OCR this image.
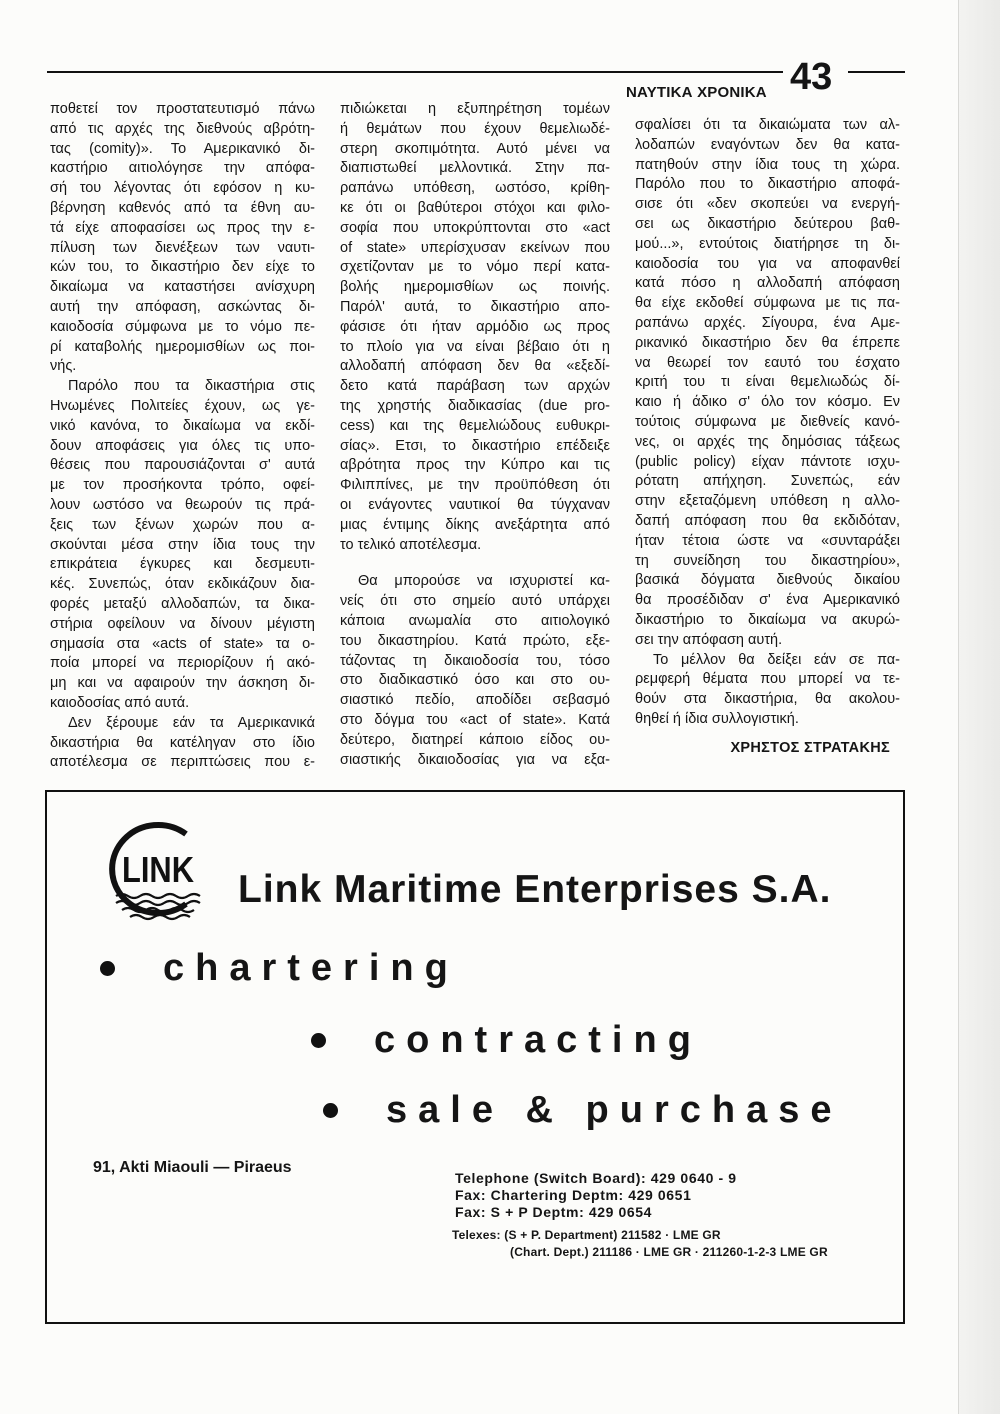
43
ΝΑΥΤΙΚΑ ΧΡΟΝΙΚΑ
ποθετεί τον προστατευτισμό πάνω
από τις αρχές της διεθνούς αβρότη-
τας (comity)». Το Αμερικανικό δι-
καστήριο αιτιολόγησε την απόφα-
σή του λέγοντας ότι εφόσον η κυ-
βέρνηση καθενός από τα έθνη αυ-
τά είχε αποφασίσει ως προς την ε-
πίλυση των διενέξεων των ναυτι-
κών του, το δικαστήριο δεν είχε το
δικαίωμα να καταστήσει ανίσχυρη
αυτή την απόφαση, ασκώντας δι-
καιοδοσία σύμφωνα με το νόμο πε-
ρί καταβολής ημερομισθίων ως ποι-
νής.
Παρόλο που τα δικαστήρια στις
Ηνωμένες Πολιτείες έχουν, ως γε-
νικό κανόνα, το δικαίωμα να εκδί-
δουν αποφάσεις για όλες τις υπο-
θέσεις που παρουσιάζονται σ' αυτά
με τον προσήκοντα τρόπο, οφεί-
λουν ωστόσο να θεωρούν τις πρά-
ξεις των ξένων χωρών που α-
σκούνται μέσα στην ίδια τους την
επικράτεια έγκυρες και δεσμευτι-
κές. Συνεπώς, όταν εκδικάζουν δια-
φορές μεταξύ αλλοδαπών, τα δικα-
στήρια οφείλουν να δίνουν μέγιστη
σημασία στα «acts of state» τα ο-
ποία μπορεί να περιορίζουν ή ακό-
μη και να αφαιρούν την άσκηση δι-
καιοδοσίας από αυτά.
Δεν ξέρουμε εάν τα Αμερικανικά
δικαστήρια θα κατέληγαν στο ίδιο
αποτέλεσμα σε περιπτώσεις που ε-
πιδιώκεται η εξυπηρέτηση τομέων
ή θεμάτων που έχουν θεμελιωδέ-
στερη σκοπιμότητα. Αυτό μένει να
διαπιστωθεί μελλοντικά. Στην πα-
ραπάνω υπόθεση, ωστόσο, κρίθη-
κε ότι οι βαθύτεροι στόχοι και φιλο-
σοφία που υποκρύπτονται στο «act
of state» υπερίσχυσαν εκείνων που
σχετίζονταν με το νόμο περί κατα-
βολής ημερομισθίων ως ποινής.
Παρόλ' αυτά, το δικαστήριο απο-
φάσισε ότι ήταν αρμόδιο ως προς
το πλοίο για να είναι βέβαιο ότι η
αλλοδαπή απόφαση δεν θα «εξεδί-
δετο κατά παράβαση των αρχών
της χρηστής διαδικασίας (due pro-
cess) και της θεμελιώδους ευθυκρι-
σίας». Ετσι, το δικαστήριο επέδειξε
αβρότητα προς την Κύπρο και τις
Φιλιππίνες, με την προϋπόθεση ότι
οι ενάγοντες ναυτικοί θα τύγχαναν
μιας έντιμης δίκης ανεξάρτητα από
το τελικό αποτέλεσμα.
Θα μπορούσε να ισχυριστεί κα-
νείς ότι στο σημείο αυτό υπάρχει
κάποια ανωμαλία στο αιτιολογικό
του δικαστηρίου. Κατά πρώτο, εξε-
τάζοντας τη δικαιοδοσία του, τόσο
στο διαδικαστικό όσο και στο ου-
σιαστικό πεδίο, αποδίδει σεβασμό
στο δόγμα του «act of state». Κατά
δεύτερο, διατηρεί κάποιο είδος ου-
σιαστικής δικαιοδοσίας για να εξα-
σφαλίσει ότι τα δικαιώματα των αλ-
λοδαπών εναγόντων δεν θα κατα-
πατηθούν στην ίδια τους τη χώρα.
Παρόλο που το δικαστήριο αποφά-
σισε ότι «δεν σκοπεύει να ενεργή-
σει ως δικαστήριο δεύτερου βαθ-
μού...», εντούτοις διατήρησε τη δι-
καιοδοσία του για να αποφανθεί
κατά πόσο η αλλοδαπή απόφαση
θα είχε εκδοθεί σύμφωνα με τις πα-
ραπάνω αρχές. Σίγουρα, ένα Αμε-
ρικανικό δικαστήριο δεν θα έπρεπε
να θεωρεί τον εαυτό του έσχατο
κριτή του τι είναι θεμελιωδώς δί-
καιο ή άδικο σ' όλο τον κόσμο. Εν
τούτοις σύμφωνα με διεθνείς κανό-
νες, οι αρχές της δημόσιας τάξεως
(public policy) είχαν πάντοτε ισχυ-
ρότατη απήχηση. Συνεπώς, εάν
στην εξεταζόμενη υπόθεση η αλλο-
δαπή απόφαση που θα εκδιδόταν,
ήταν τέτοια ώστε να «συνταράξει
τη συνείδηση του δικαστηρίου»,
βασικά δόγματα διεθνούς δικαίου
θα προσέδιδαν σ' ένα Αμερικανικό
δικαστήριο το δικαίωμα να ακυρώ-
σει την απόφαση αυτή.
Το μέλλον θα δείξει εάν σε πα-
ρεμφερή θέματα που μπορεί να τε-
θούν στα δικαστήρια, θα ακολου-
θηθεί ή ίδια συλλογιστική.
ΧΡΗΣΤΟΣ ΣΤΡΑΤΑΚΗΣ
LINK Link Maritime Enterprises S.A.
chartering
contracting
sale & purchase
91, Akti Miaouli — Piraeus
Telephone (Switch Board): 429 0640 - 9
Fax: Chartering Deptm: 429 0651
Fax: S + P Deptm: 429 0654
Telexes: (S + P. Department) 211582 · LME GR
(Chart. Dept.) 211186 · LME GR · 211260-1-2-3 LME GR
